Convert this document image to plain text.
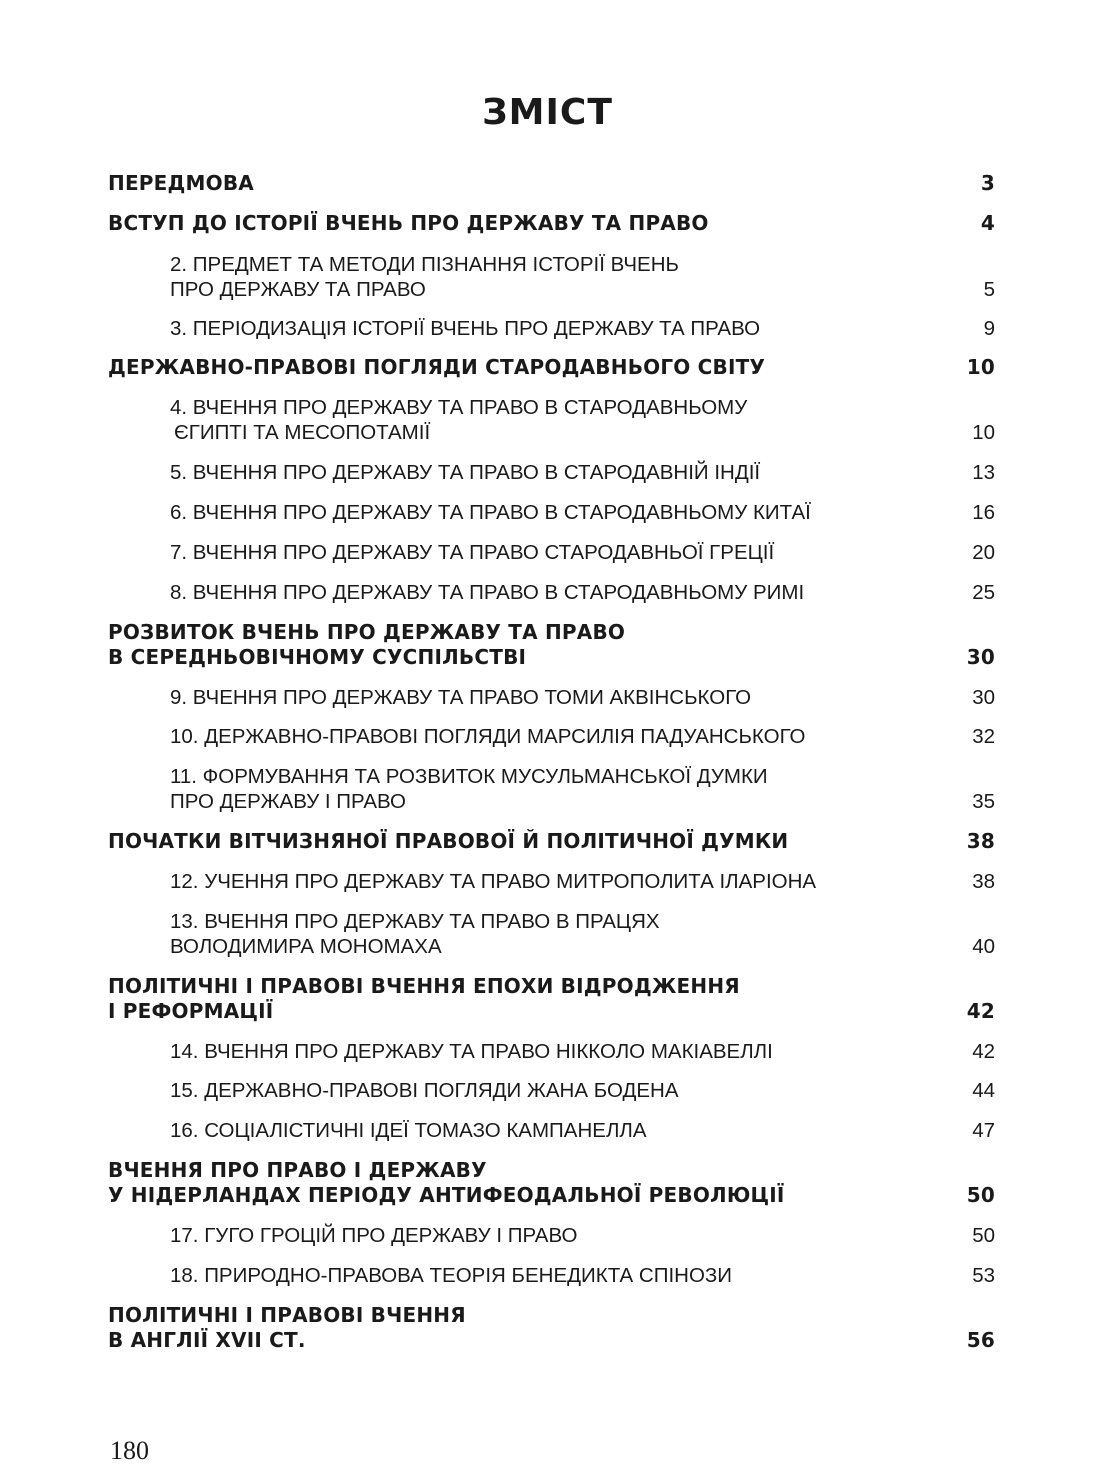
ЗМІСТ
ПЕРЕДМОВА	3
ВСТУП ДО ІСТОРІЇ ВЧЕНЬ ПРО ДЕРЖАВУ ТА ПРАВО	4
2. ПРЕДМЕТ ТА МЕТОДИ ПІЗНАННЯ ІСТОРІЇ ВЧЕНЬ
ПРО ДЕРЖАВУ ТА ПРАВО	5
3. ПЕРІОДИЗАЦІЯ ІСТОРІЇ ВЧЕНЬ ПРО ДЕРЖАВУ ТА ПРАВО	9
ДЕРЖАВНО-ПРАВОВІ ПОГЛЯДИ СТАРОДАВНЬОГО СВІТУ	10
4. ВЧЕННЯ ПРО ДЕРЖАВУ ТА ПРАВО В СТАРОДАВНЬОМУ
ЄГИПТІ ТА МЕСОПОТАМІЇ	10
5. ВЧЕННЯ ПРО ДЕРЖАВУ ТА ПРАВО В СТАРОДАВНІЙ ІНДІЇ	13
6. ВЧЕННЯ ПРО ДЕРЖАВУ ТА ПРАВО В СТАРОДАВНЬОМУ КИТАЇ	16
7. ВЧЕННЯ ПРО ДЕРЖАВУ ТА ПРАВО СТАРОДАВНЬОЇ ГРЕЦІЇ	20
8. ВЧЕННЯ ПРО ДЕРЖАВУ ТА ПРАВО В СТАРОДАВНЬОМУ РИМІ	25
РОЗВИТОК ВЧЕНЬ ПРО ДЕРЖАВУ ТА ПРАВО
В СЕРЕДНЬОВІЧНОМУ СУСПІЛЬСТВІ	30
9. ВЧЕННЯ ПРО ДЕРЖАВУ ТА ПРАВО ТОМИ АКВІНСЬКОГО	30
10. ДЕРЖАВНО-ПРАВОВІ ПОГЛЯДИ МАРСИЛІЯ ПАДУАНСЬКОГО	32
11. ФОРМУВАННЯ ТА РОЗВИТОК МУСУЛЬМАНСЬКОЇ ДУМКИ
ПРО ДЕРЖАВУ І ПРАВО	35
ПОЧАТКИ ВІТЧИЗНЯНОЇ ПРАВОВОЇ Й ПОЛІТИЧНОЇ ДУМКИ	38
12. УЧЕННЯ ПРО ДЕРЖАВУ ТА ПРАВО МИТРОПОЛИТА ІЛАРІОНА	38
13. ВЧЕННЯ ПРО ДЕРЖАВУ ТА ПРАВО В ПРАЦЯХ
ВОЛОДИМИРА МОНОМАХА	40
ПОЛІТИЧНІ І ПРАВОВІ ВЧЕННЯ ЕПОХИ ВІДРОДЖЕННЯ
І РЕФОРМАЦІЇ	42
14. ВЧЕННЯ ПРО ДЕРЖАВУ ТА ПРАВО НІККОЛО МАКІАВЕЛЛІ	42
15. ДЕРЖАВНО-ПРАВОВІ ПОГЛЯДИ ЖАНА БОДЕНА	44
16. СОЦІАЛІСТИЧНІ ІДЕЇ ТОМАЗО КАМПАНЕЛЛА	47
ВЧЕННЯ ПРО ПРАВО І ДЕРЖАВУ
У НІДЕРЛАНДАХ ПЕРІОДУ АНТИФЕОДАЛЬНОЇ РЕВОЛЮЦІЇ	50
17. ГУГО ГРОЦІЙ ПРО ДЕРЖАВУ І ПРАВО	50
18. ПРИРОДНО-ПРАВОВА ТЕОРІЯ БЕНЕДИКТА СПІНОЗИ	53
ПОЛІТИЧНІ І ПРАВОВІ ВЧЕННЯ
В АНГЛІЇ XVII СТ.	56
180
